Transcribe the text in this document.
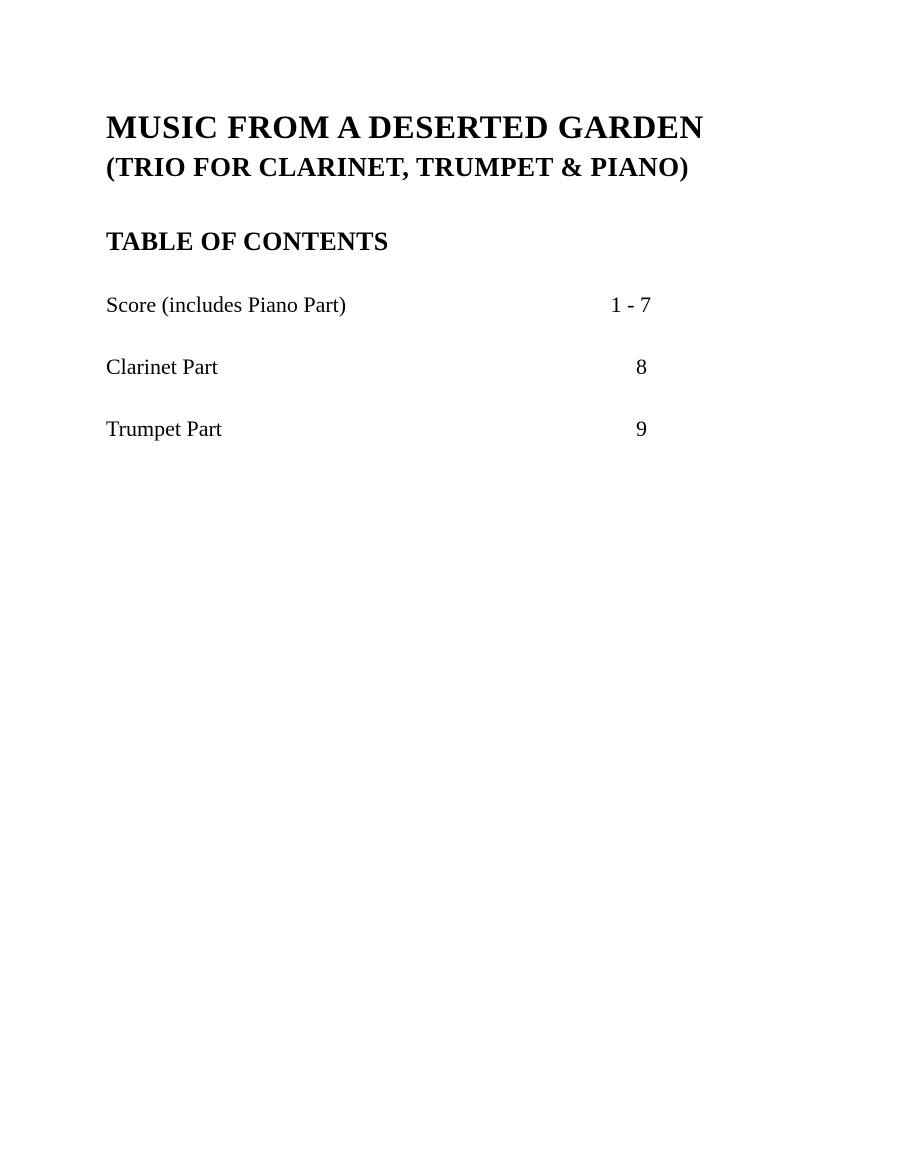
MUSIC FROM A DESERTED GARDEN
(TRIO FOR CLARINET, TRUMPET & PIANO)
TABLE OF CONTENTS
Score (includes Piano Part)	1 - 7
Clarinet Part	8
Trumpet Part	9
